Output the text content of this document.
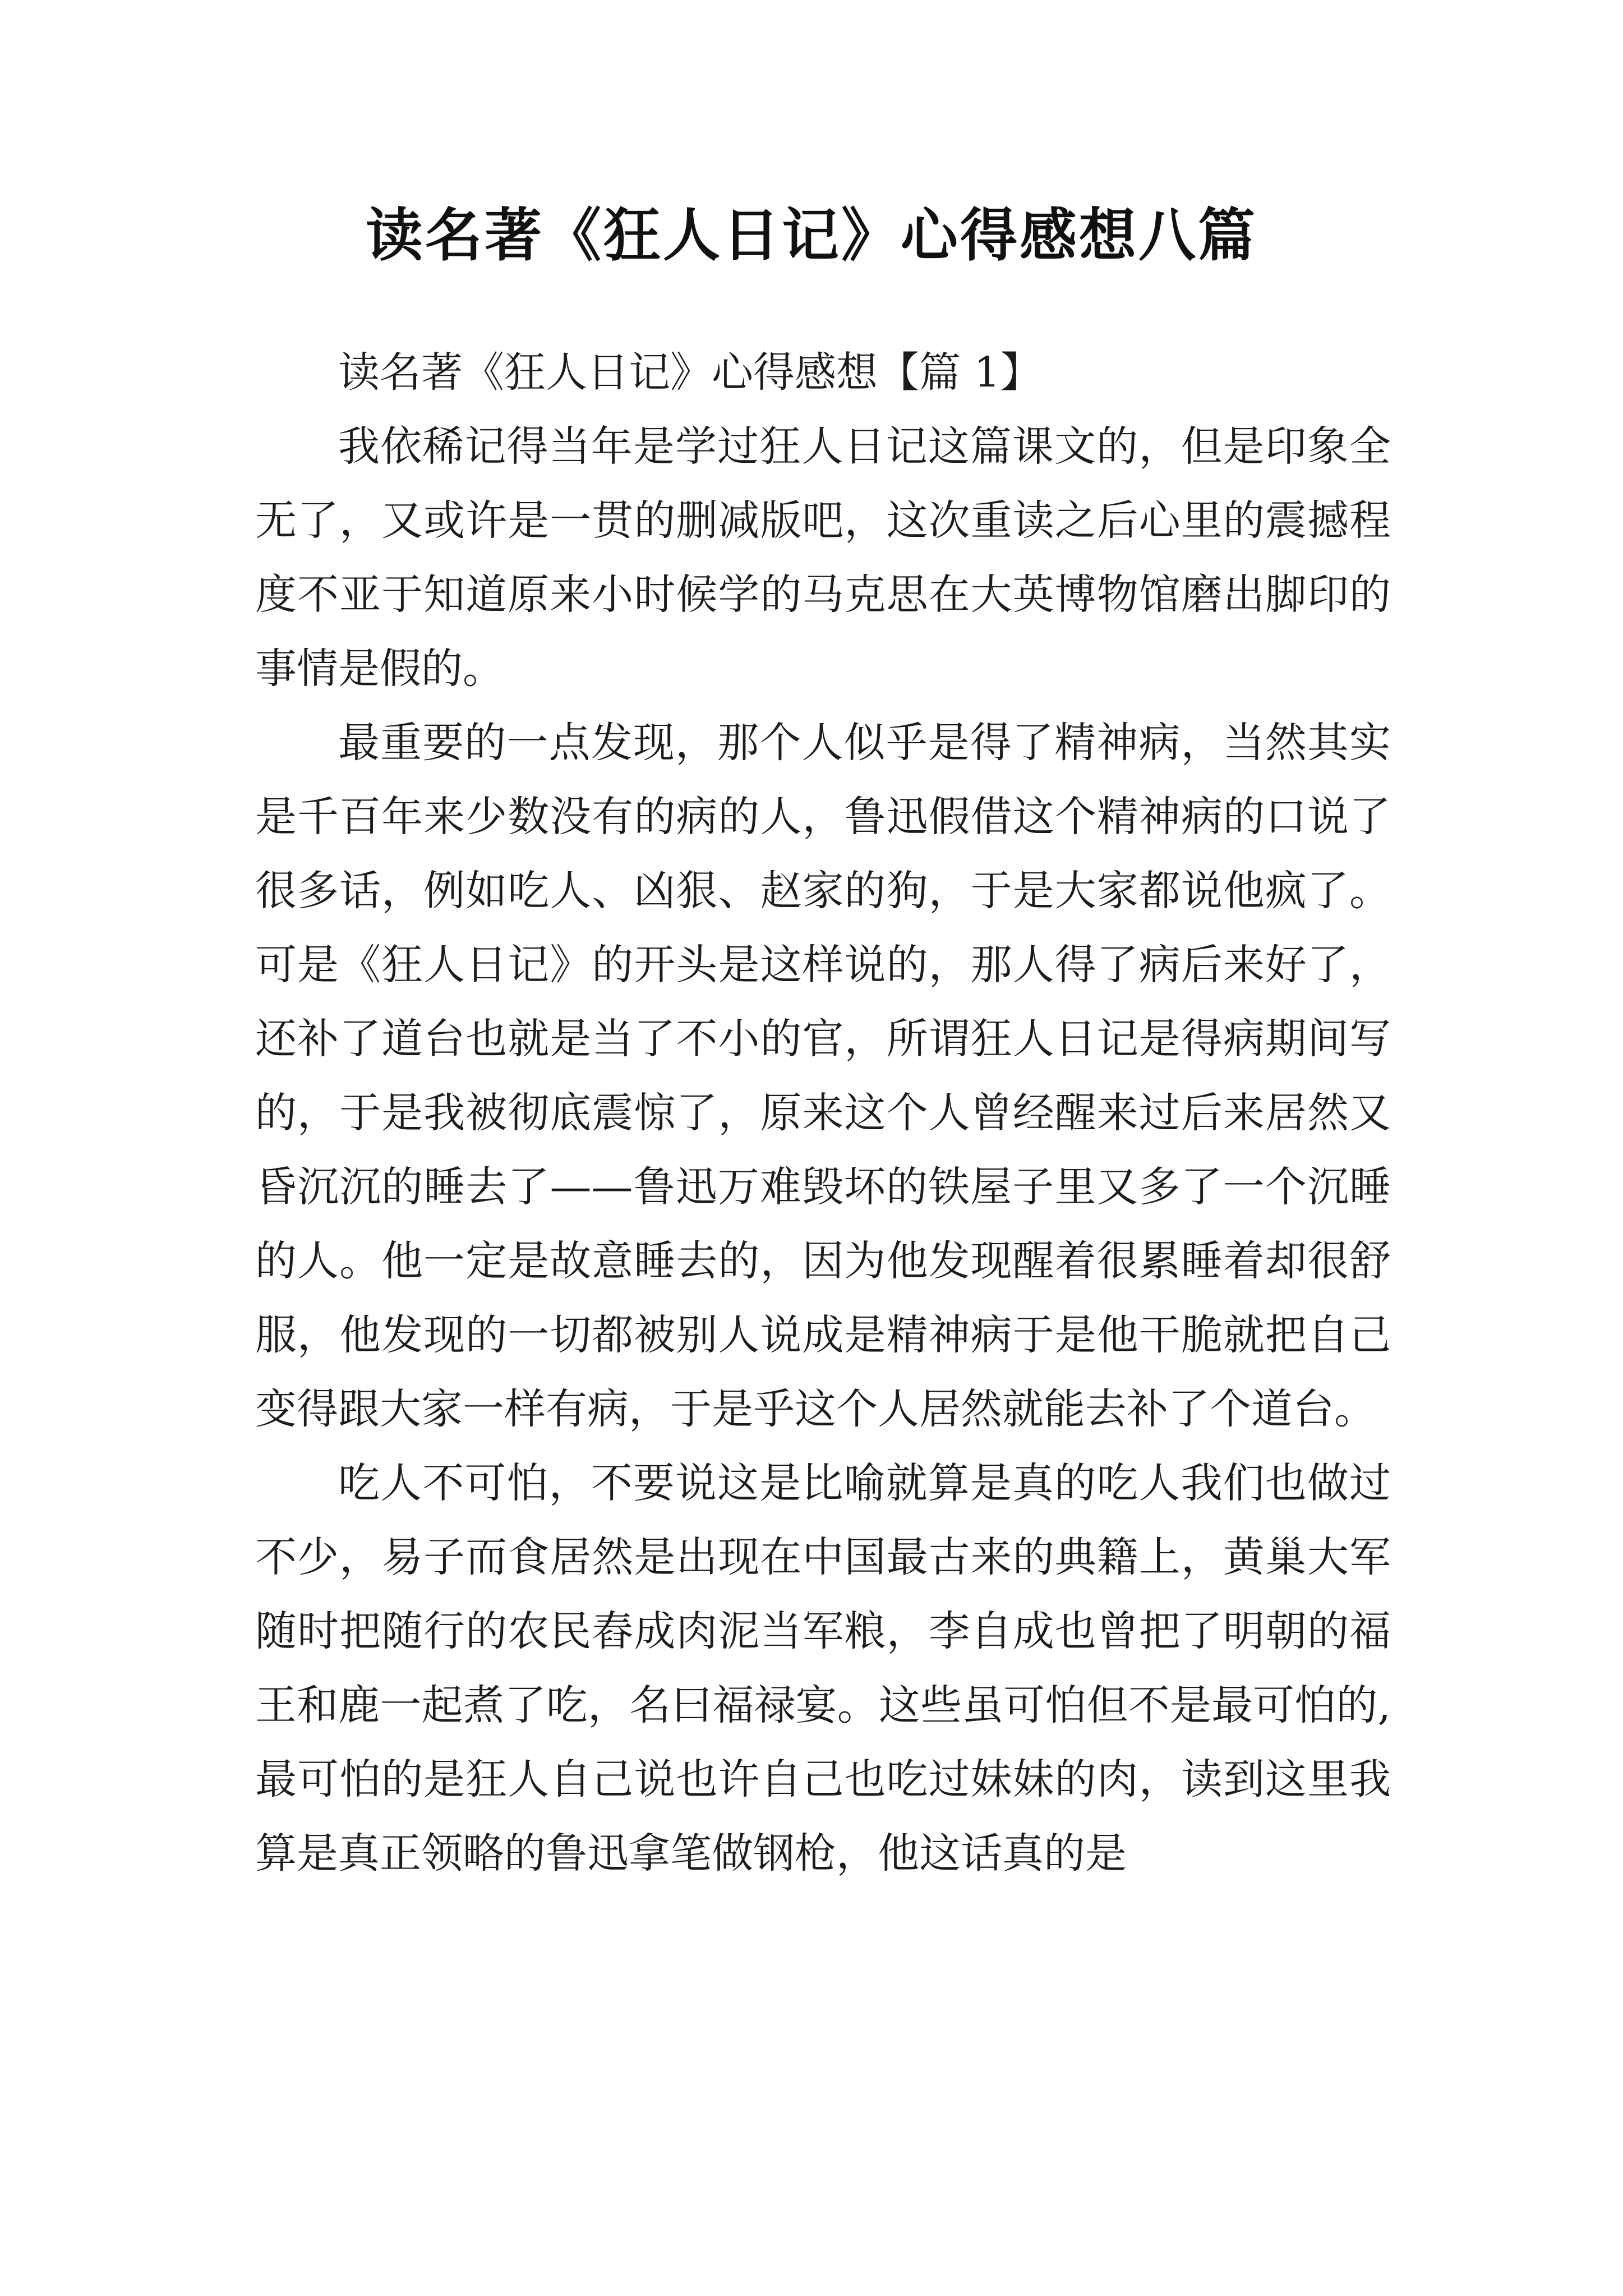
读名著《狂人日记》心得感想八篇

读名著《狂人日记》心得感想【篇 1】

我依稀记得当年是学过狂人日记这篇课文的，但是印象全无了，又或许是一贯的删减版吧，这次重读之后心里的震撼程度不亚于知道原来小时候学的马克思在大英博物馆磨出脚印的事情是假的。

最重要的一点发现，那个人似乎是得了精神病，当然其实是千百年来少数没有的病的人，鲁迅假借这个精神病的口说了很多话，例如吃人、凶狠、赵家的狗，于是大家都说他疯了。可是《狂人日记》的开头是这样说的，那人得了病后来好了，还补了道台也就是当了不小的官，所谓狂人日记是得病期间写的，于是我被彻底震惊了，原来这个人曾经醒来过后来居然又昏沉沉的睡去了——鲁迅万难毁坏的铁屋子里又多了一个沉睡的人。他一定是故意睡去的，因为他发现醒着很累睡着却很舒服，他发现的一切都被别人说成是精神病于是他干脆就把自己变得跟大家一样有病，于是乎这个人居然就能去补了个道台。

吃人不可怕，不要说这是比喻就算是真的吃人我们也做过不少，易子而食居然是出现在中国最古来的典籍上，黄巢大军随时把随行的农民舂成肉泥当军粮，李自成也曾把了明朝的福王和鹿一起煮了吃，名曰福禄宴。这些虽可怕但不是最可怕的,最可怕的是狂人自己说也许自己也吃过妹妹的肉，读到这里我算是真正领略的鲁迅拿笔做钢枪，他这话真的是
